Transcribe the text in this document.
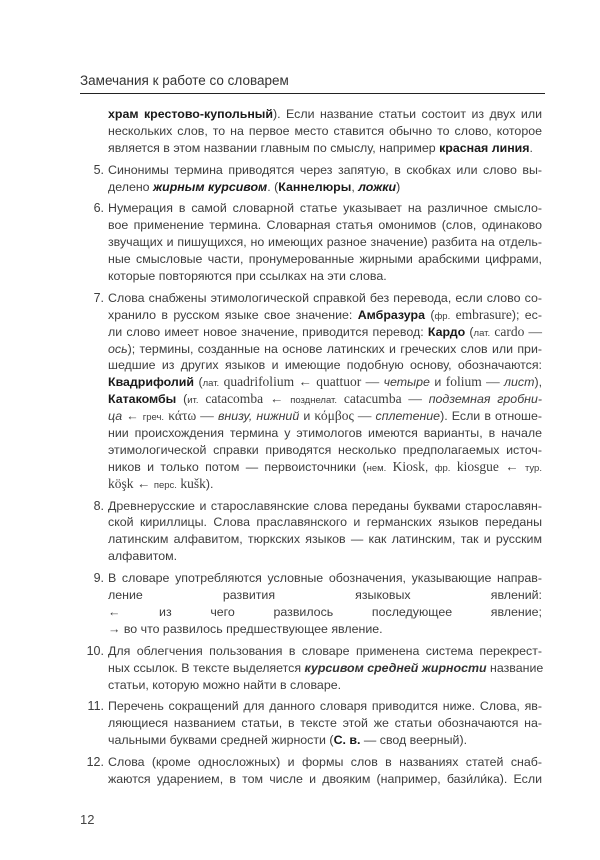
Замечания к работе со словарем
храм крестово-купольный). Если название статьи состоит из двух или
нескольких слов, то на первое место ставится обычно то слово, которое
является в этом названии главным по смыслу, например красная линия.
5. Синонимы термина приводятся через запятую, в скобках или слово вы-
делено жирным курсивом. (Каннелюры, ложки)
6. Нумерация в самой словарной статье указывает на различное смысло-
вое применение термина. Словарная статья омонимов (слов, одинаково
звучащих и пишущихся, но имеющих разное значение) разбита на отдель-
ные смысловые части, пронумерованные жирными арабскими цифрами,
которые повторяются при ссылках на эти слова.
7. Слова снабжены этимологической справкой без перевода, если слово со-
хранило в русском языке свое значение: Амбразура (фр. embrasure); ес-
ли слово имеет новое значение, приводится перевод: Кардо (лат. cardo —
ось); термины, созданные на основе латинских и греческих слов или при-
шедшие из других языков и имеющие подобную основу, обозначаются:
Квадрифолий (лат. quadrifolium ← quattuor — четыре и folium — лист),
Катакомбы (ит. catacomba ← позднелат. catacumba — подземная гробни-
ца ← греч. κάτω — внизу, нижний и κόμβος — сплетение). Если в отноше-
нии происхождения термина у этимологов имеются варианты, в начале
этимологической справки приводятся несколько предполагаемых источ-
ников и только потом — первоисточники (нем. Kiosk, фр. kiosgue ← тур.
köşk ← перс. kušk).
8. Древнерусские и старославянские слова переданы буквами старославян-
ской кириллицы. Слова праславянского и германских языков переданы
латинским алфавитом, тюркских языков — как латинским, так и русским
алфавитом.
9. В словаре употребляются условные обозначения, указывающие направ-
ление развития языковых явлений:
← из чего развилось последующее явление;
→ во что развилось предшествующее явление.
10. Для облегчения пользования в словаре применена система перекрест-
ных ссылок. В тексте выделяется курсивом средней жирности название
статьи, которую можно найти в словаре.
11. Перечень сокращений для данного словаря приводится ниже. Слова, яв-
ляющиеся названием статьи, в тексте этой же статьи обозначаются на-
чальными буквами средней жирности (С. в. — свод веерный).
12. Слова (кроме односложных) и формы слов в названиях статей снаб-
жаются ударением, в том числе и двояким (например, бази́ли́ка). Если
12
